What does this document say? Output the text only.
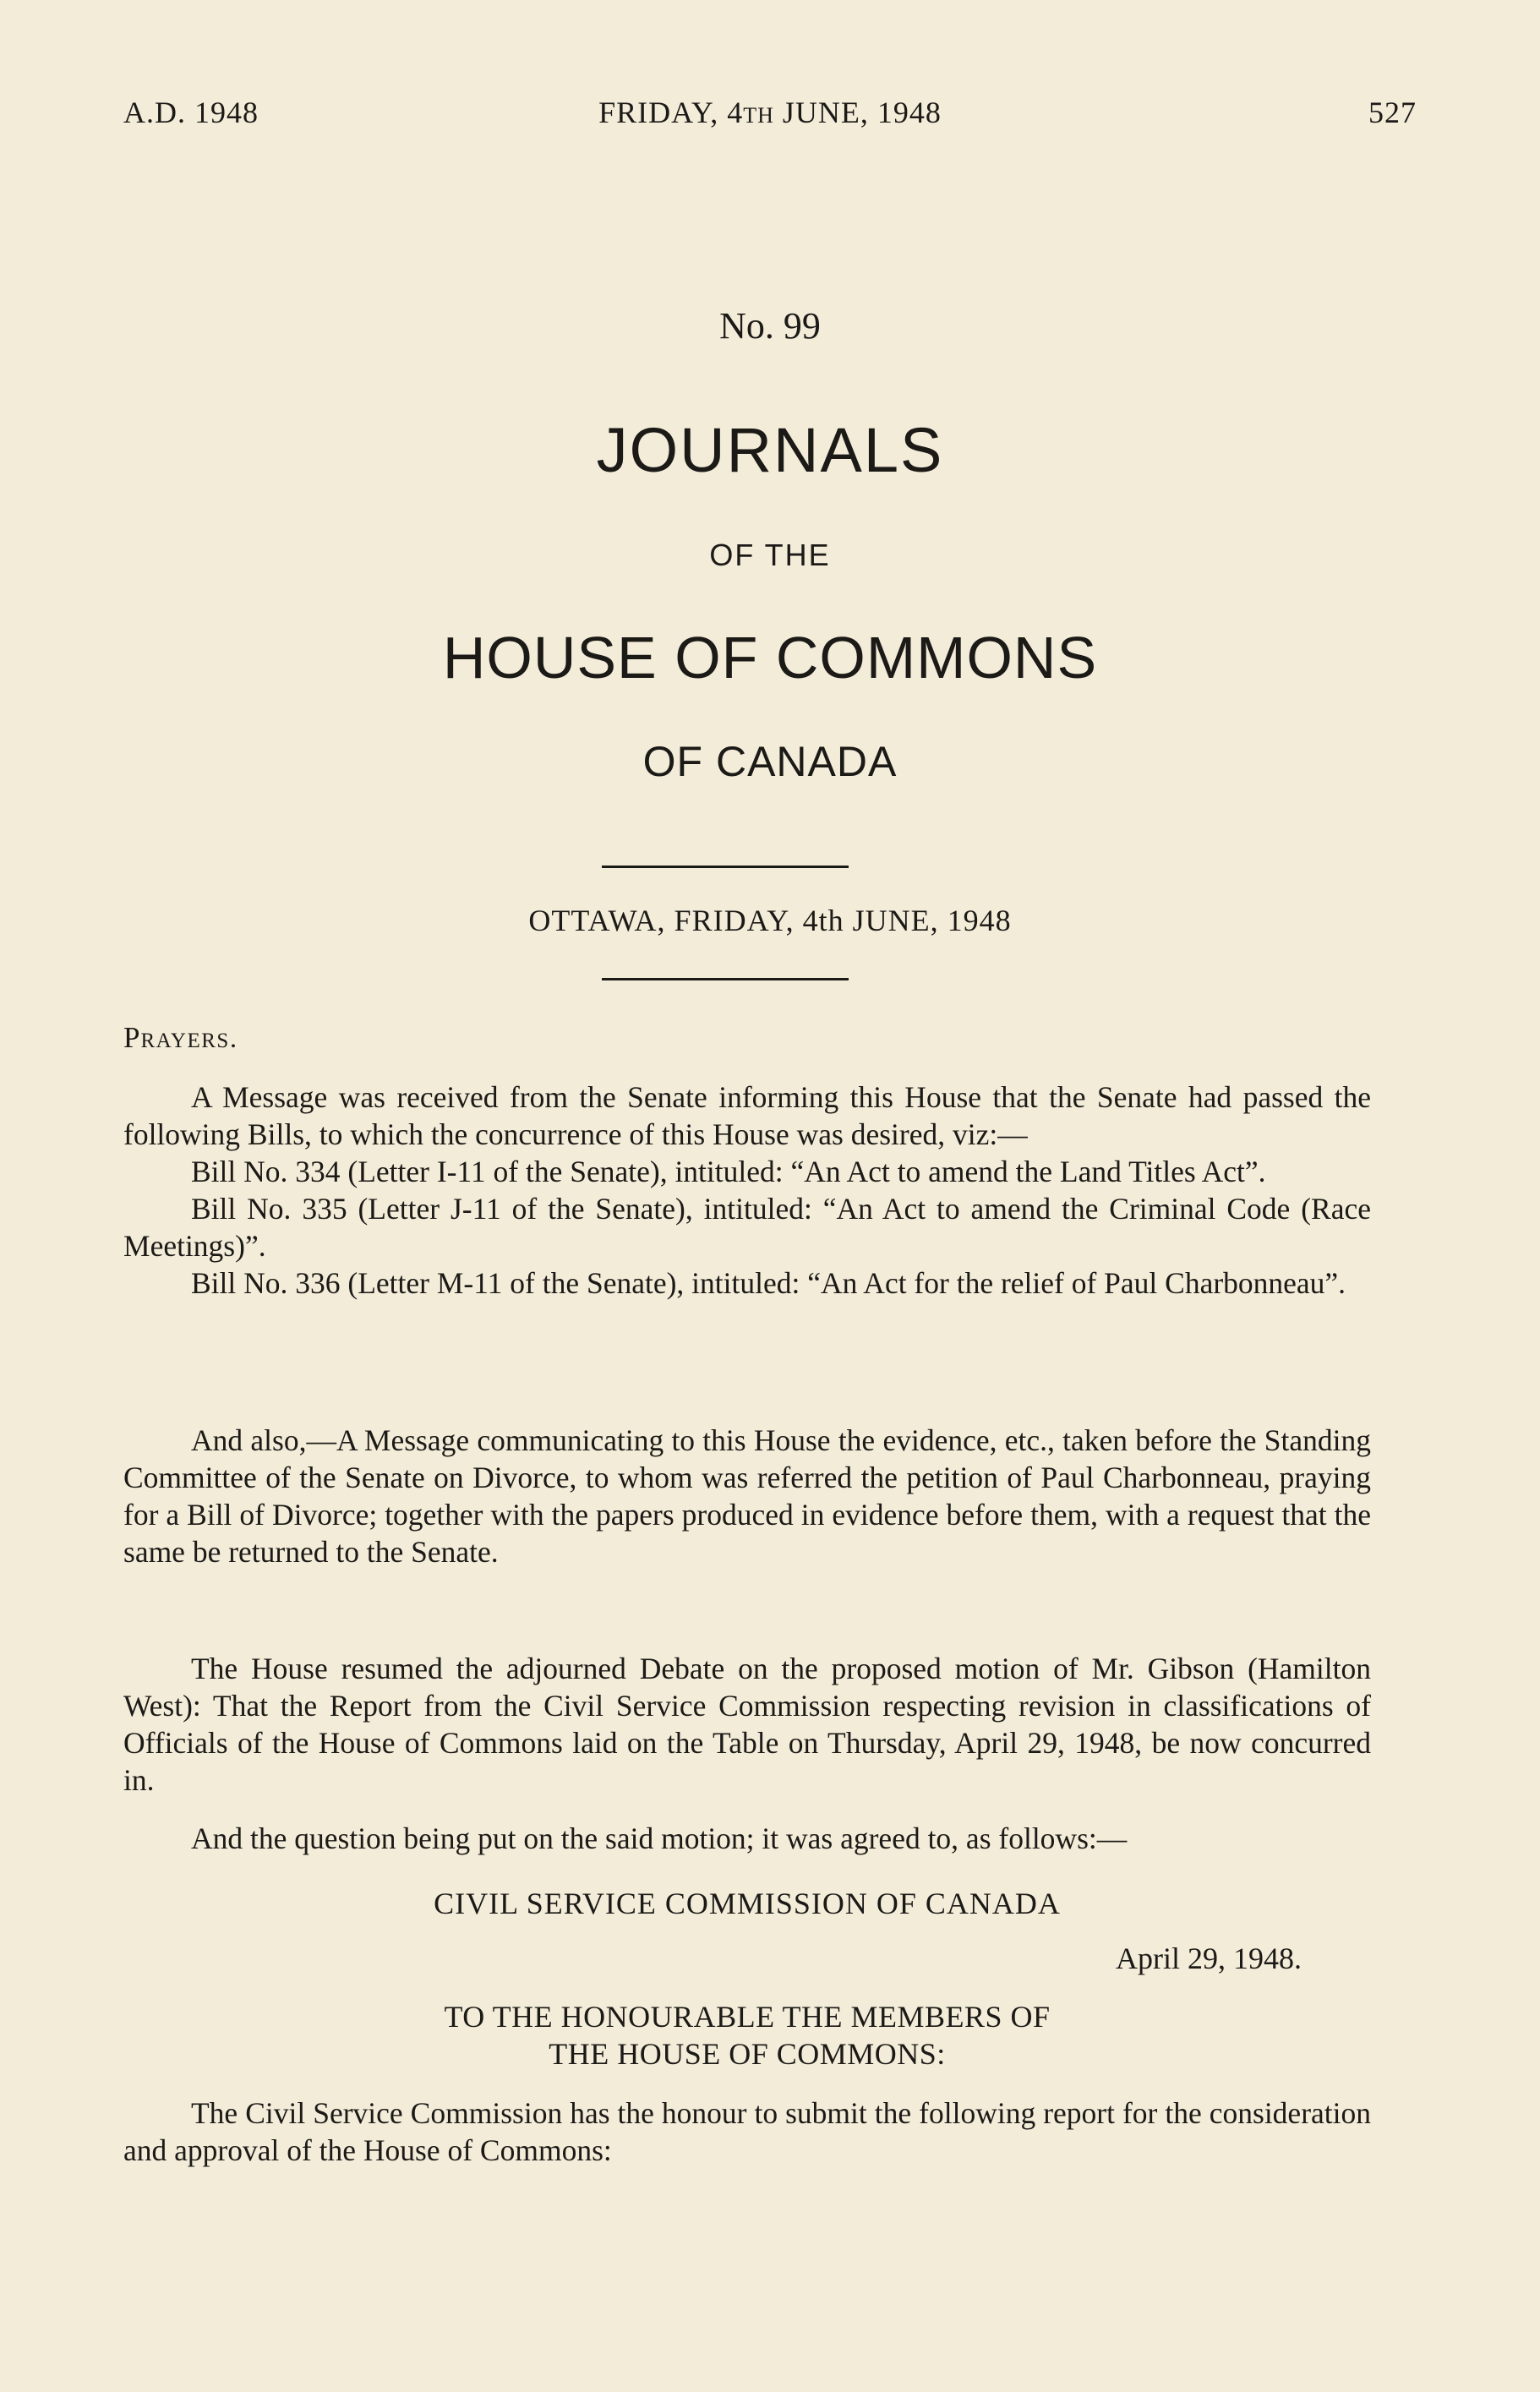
A.D. 1948	FRIDAY, 4TH JUNE, 1948	527
No. 99
JOURNALS
OF THE
HOUSE OF COMMONS
OF CANADA
OTTAWA, FRIDAY, 4th JUNE, 1948
PRAYERS.

A Message was received from the Senate informing this House that the Senate had passed the following Bills, to which the concurrence of this House was desired, viz:—

Bill No. 334 (Letter I-11 of the Senate), intituled: “An Act to amend the Land Titles Act”.

Bill No. 335 (Letter J-11 of the Senate), intituled: “An Act to amend the Criminal Code (Race Meetings)”.

Bill No. 336 (Letter M-11 of the Senate), intituled: “An Act for the relief of Paul Charbonneau”.

And also,—A Message communicating to this House the evidence, etc., taken before the Standing Committee of the Senate on Divorce, to whom was referred the petition of Paul Charbonneau, praying for a Bill of Divorce; together with the papers produced in evidence before them, with a request that the same be returned to the Senate.

The House resumed the adjourned Debate on the proposed motion of Mr. Gibson (Hamilton West): That the Report from the Civil Service Commission respecting revision in classifications of Officials of the House of Commons laid on the Table on Thursday, April 29, 1948, be now concurred in.

And the question being put on the said motion; it was agreed to, as follows:—

CIVIL SERVICE COMMISSION OF CANADA
April 29, 1948.
TO THE HONOURABLE THE MEMBERS OF
THE HOUSE OF COMMONS:

The Civil Service Commission has the honour to submit the following report for the consideration and approval of the House of Commons:
